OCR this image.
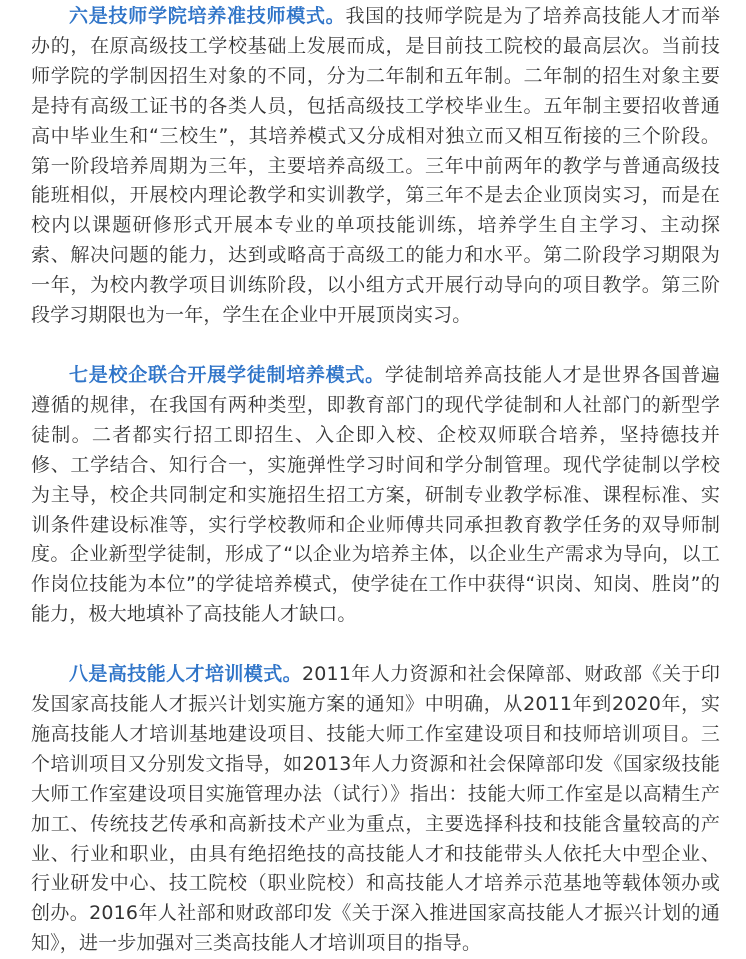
六是技师学院培养准技师模式。我国的技师学院是为了培养高技能人才而举办的，在原高级技工学校基础上发展而成，是目前技工院校的最高层次。当前技师学院的学制因招生对象的不同，分为二年制和五年制。二年制的招生对象主要是持有高级工证书的各类人员，包括高级技工学校毕业生。五年制主要招收普通高中毕业生和“三校生”，其培养模式又分成相对独立而又相互衔接的三个阶段。第一阶段培养周期为三年，主要培养高级工。三年中前两年的教学与普通高级技能班相似，开展校内理论教学和实训教学，第三年不是去企业顶岗实习，而是在校内以课题研修形式开展本专业的单项技能训练，培养学生自主学习、主动探索、解决问题的能力，达到或略高于高级工的能力和水平。第二阶段学习期限为一年，为校内教学项目训练阶段，以小组方式开展行动导向的项目教学。第三阶段学习期限也为一年，学生在企业中开展顶岗实习。

七是校企联合开展学徒制培养模式。学徒制培养高技能人才是世界各国普遍遵循的规律，在我国有两种类型，即教育部门的现代学徒制和人社部门的新型学徒制。二者都实行招工即招生、入企即入校、企校双师联合培养，坚持德技并修、工学结合、知行合一，实施弹性学习时间和学分制管理。现代学徒制以学校为主导，校企共同制定和实施招生招工方案，研制专业教学标准、课程标准、实训条件建设标准等，实行学校教师和企业师傅共同承担教育教学任务的双导师制度。企业新型学徒制，形成了“以企业为培养主体，以企业生产需求为导向，以工作岗位技能为本位”的学徒培养模式，使学徒在工作中获得“识岗、知岗、胜岗”的能力，极大地填补了高技能人才缺口。

八是高技能人才培训模式。2011年人力资源和社会保障部、财政部《关于印发国家高技能人才振兴计划实施方案的通知》中明确，从2011年到2020年，实施高技能人才培训基地建设项目、技能大师工作室建设项目和技师培训项目。三个培训项目又分别发文指导，如2013年人力资源和社会保障部印发《国家级技能大师工作室建设项目实施管理办法（试行）》指出：技能大师工作室是以高精生产加工、传统技艺传承和高新技术产业为重点，主要选择科技和技能含量较高的产业、行业和职业，由具有绝招绝技的高技能人才和技能带头人依托大中型企业、行业研发中心、技工院校（职业院校）和高技能人才培养示范基地等载体领办或创办。2016年人社部和财政部印发《关于深入推进国家高技能人才振兴计划的通知》，进一步加强对三类高技能人才培训项目的指导。
